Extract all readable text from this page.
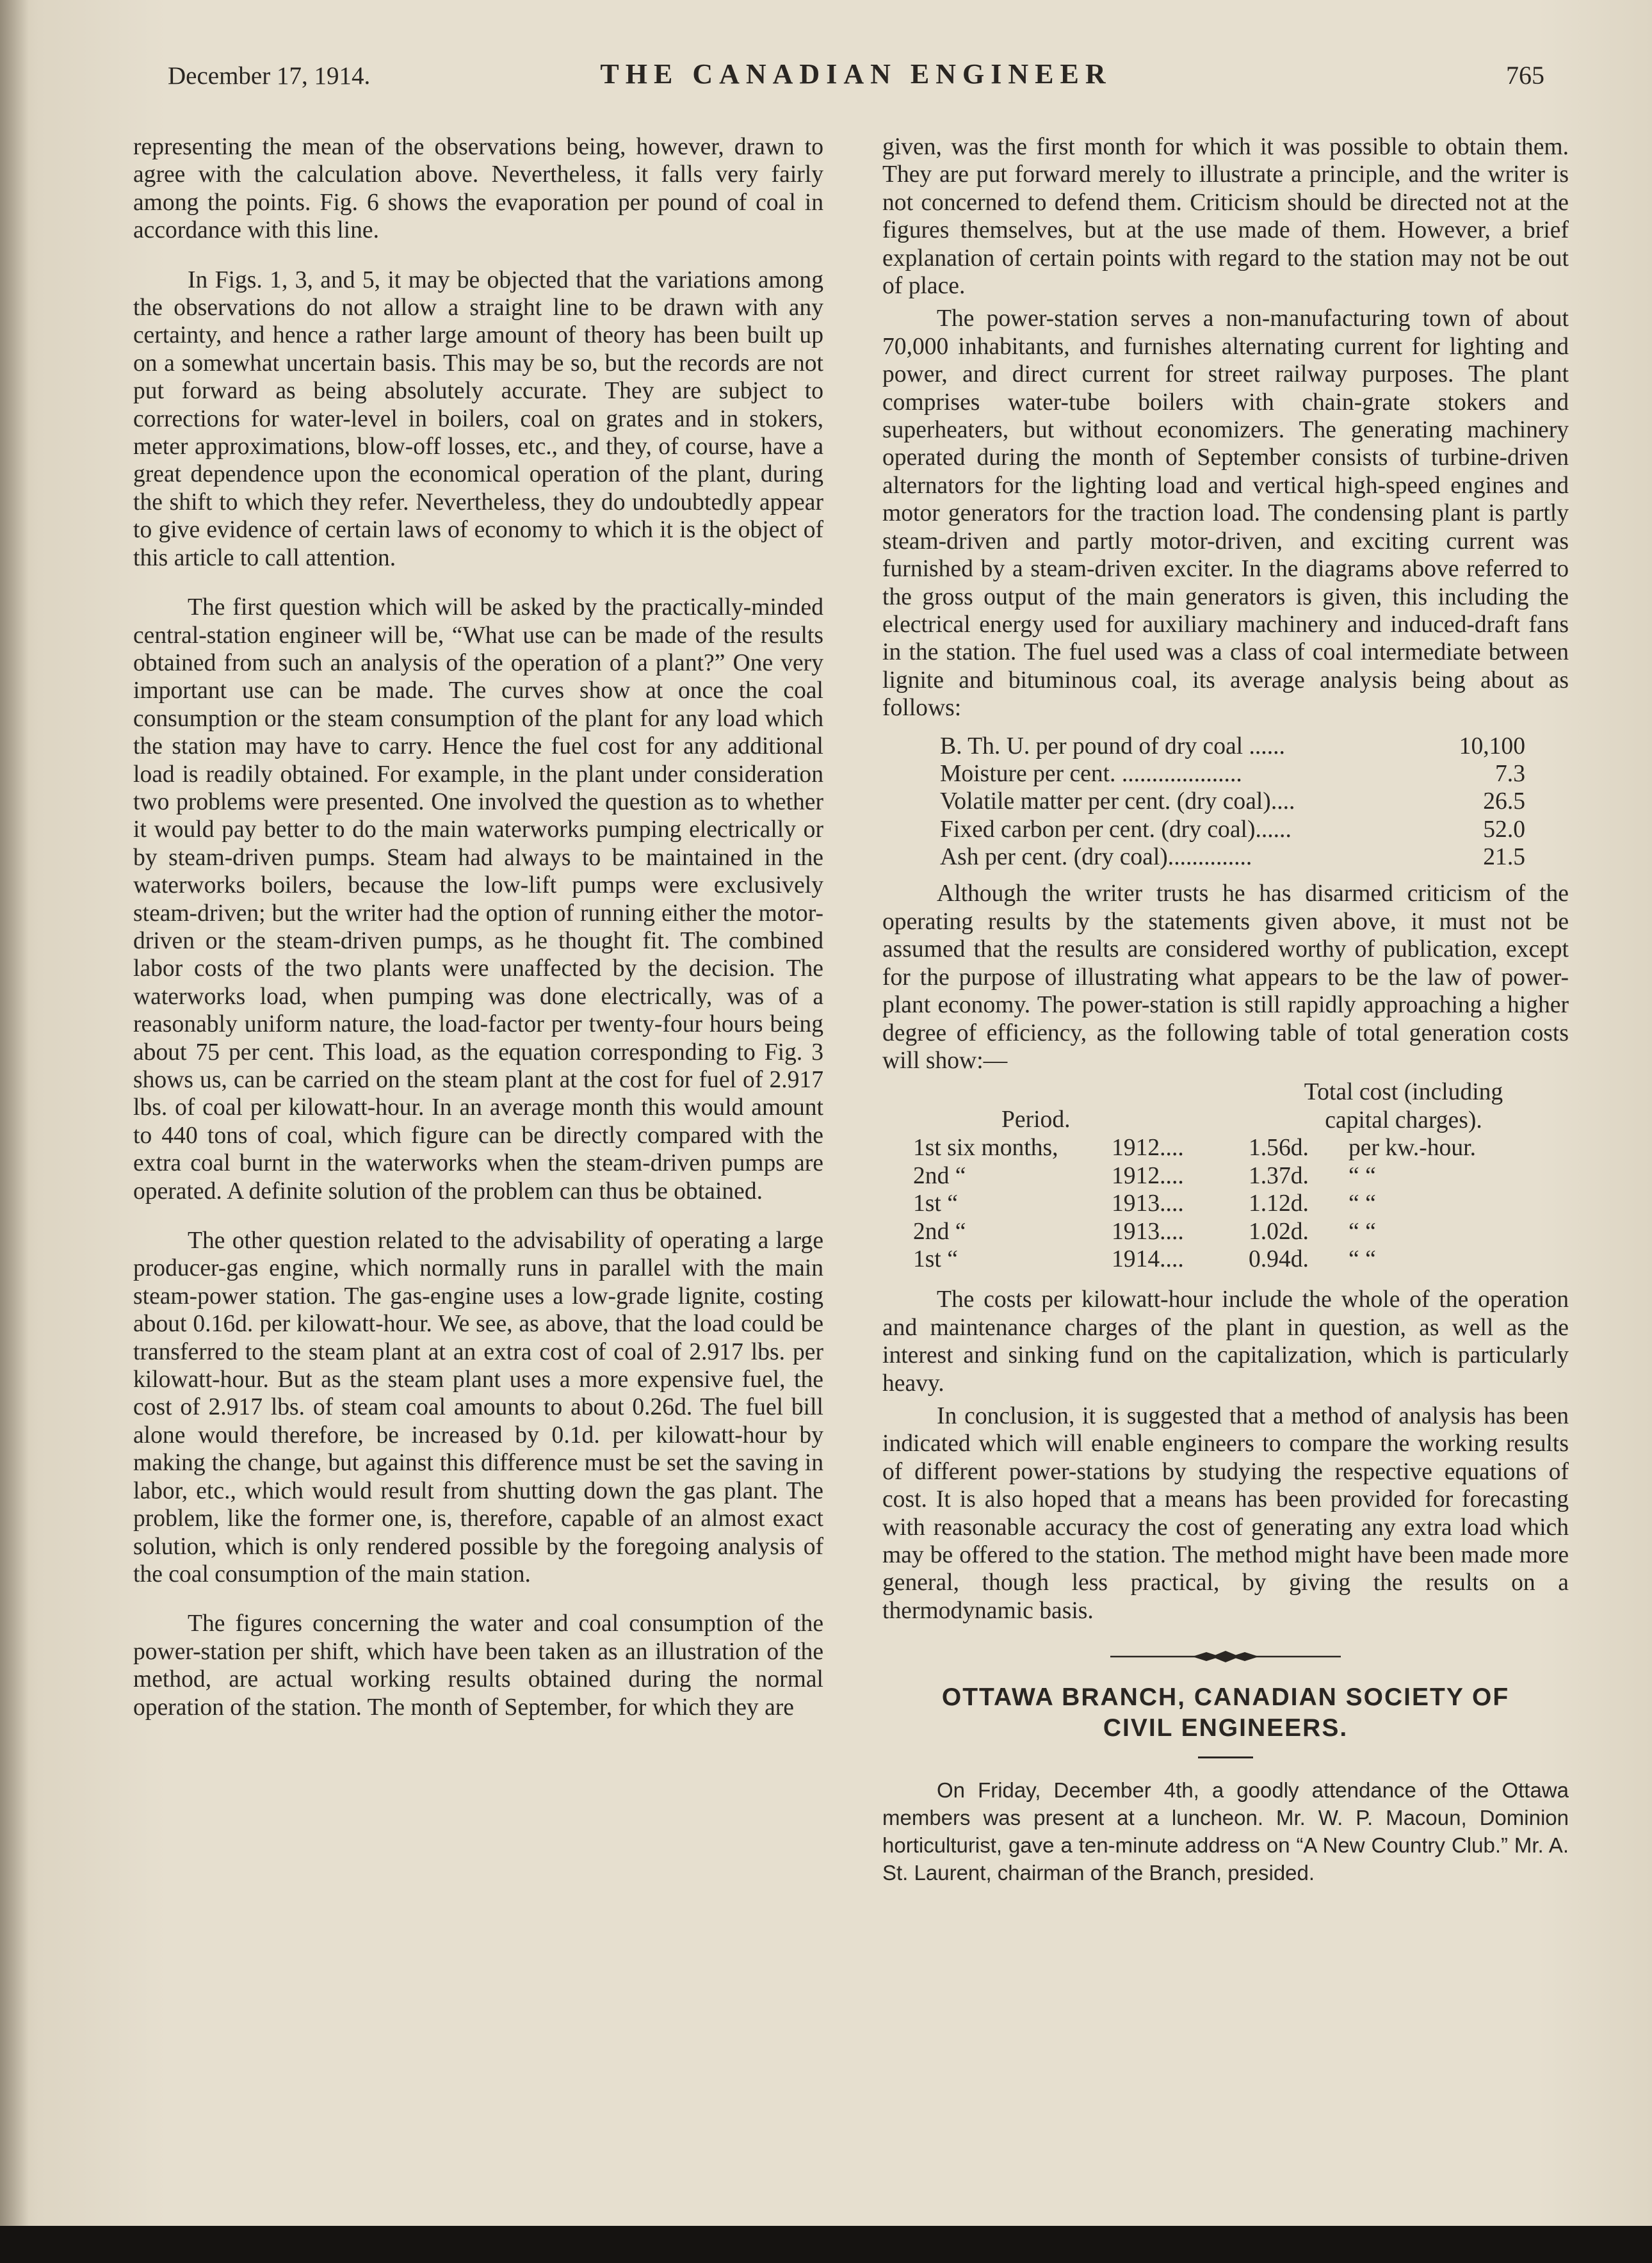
December 17, 1914.	THE CANADIAN ENGINEER	765

representing the mean of the observations being, however, drawn to agree with the calculation above. Nevertheless, it falls very fairly among the points. Fig. 6 shows the evaporation per pound of coal in accordance with this line.

In Figs. 1, 3, and 5, it may be objected that the variations among the observations do not allow a straight line to be drawn with any certainty, and hence a rather large amount of theory has been built up on a somewhat uncertain basis. This may be so, but the records are not put forward as being absolutely accurate. They are subject to corrections for water-level in boilers, coal on grates and in stokers, meter approximations, blow-off losses, etc., and they, of course, have a great dependence upon the economical operation of the plant, during the shift to which they refer. Nevertheless, they do undoubtedly appear to give evidence of certain laws of economy to which it is the object of this article to call attention.

The first question which will be asked by the practically-minded central-station engineer will be, “What use can be made of the results obtained from such an analysis of the operation of a plant?” One very important use can be made. The curves show at once the coal consumption or the steam consumption of the plant for any load which the station may have to carry. Hence the fuel cost for any additional load is readily obtained. For example, in the plant under consideration two problems were presented. One involved the question as to whether it would pay better to do the main waterworks pumping electrically or by steam-driven pumps. Steam had always to be maintained in the waterworks boilers, because the low-lift pumps were exclusively steam-driven; but the writer had the option of running either the motor-driven or the steam-driven pumps, as he thought fit. The combined labor costs of the two plants were unaffected by the decision. The waterworks load, when pumping was done electrically, was of a reasonably uniform nature, the load-factor per twenty-four hours being about 75 per cent. This load, as the equation corresponding to Fig. 3 shows us, can be carried on the steam plant at the cost for fuel of 2.917 lbs. of coal per kilowatt-hour. In an average month this would amount to 440 tons of coal, which figure can be directly compared with the extra coal burnt in the waterworks when the steam-driven pumps are operated. A definite solution of the problem can thus be obtained.

The other question related to the advisability of operating a large producer-gas engine, which normally runs in parallel with the main steam-power station. The gas-engine uses a low-grade lignite, costing about 0.16d. per kilowatt-hour. We see, as above, that the load could be transferred to the steam plant at an extra cost of coal of 2.917 lbs. per kilowatt-hour. But as the steam plant uses a more expensive fuel, the cost of 2.917 lbs. of steam coal amounts to about 0.26d. The fuel bill alone would therefore, be increased by 0.1d. per kilowatt-hour by making the change, but against this difference must be set the saving in labor, etc., which would result from shutting down the gas plant. The problem, like the former one, is, therefore, capable of an almost exact solution, which is only rendered possible by the foregoing analysis of the coal consumption of the main station.

The figures concerning the water and coal consumption of the power-station per shift, which have been taken as an illustration of the method, are actual working results obtained during the normal operation of the station. The month of September, for which they are

given, was the first month for which it was possible to obtain them. They are put forward merely to illustrate a principle, and the writer is not concerned to defend them. Criticism should be directed not at the figures themselves, but at the use made of them. However, a brief explanation of certain points with regard to the station may not be out of place.

The power-station serves a non-manufacturing town of about 70,000 inhabitants, and furnishes alternating current for lighting and power, and direct current for street railway purposes. The plant comprises water-tube boilers with chain-grate stokers and superheaters, but without economizers. The generating machinery operated during the month of September consists of turbine-driven alternators for the lighting load and vertical high-speed engines and motor generators for the traction load. The condensing plant is partly steam-driven and partly motor-driven, and exciting current was furnished by a steam-driven exciter. In the diagrams above referred to the gross output of the main generators is given, this including the electrical energy used for auxiliary machinery and induced-draft fans in the station. The fuel used was a class of coal intermediate between lignite and bituminous coal, its average analysis being about as follows:

B. Th. U. per pound of dry coal ......	10,100
Moisture per cent. ....................	7.3
Volatile matter per cent. (dry coal)....	26.5
Fixed carbon per cent. (dry coal)......	52.0
Ash per cent. (dry coal)..............	21.5

Although the writer trusts he has disarmed criticism of the operating results by the statements given above, it must not be assumed that the results are considered worthy of publication, except for the purpose of illustrating what appears to be the law of power-plant economy. The power-station is still rapidly approaching a higher degree of efficiency, as the following table of total generation costs will show:—

Period.
Total cost (including
capital charges).
1st six months, 1912....	1.56d. per kw.-hour.
2nd “	1912....	1.37d. “ “
1st “	1913....	1.12d. “ “
2nd “	1913....	1.02d. “ “
1st “	1914....	0.94d. “ “

The costs per kilowatt-hour include the whole of the operation and maintenance charges of the plant in question, as well as the interest and sinking fund on the capitalization, which is particularly heavy.

In conclusion, it is suggested that a method of analysis has been indicated which will enable engineers to compare the working results of different power-stations by studying the respective equations of cost. It is also hoped that a means has been provided for forecasting with reasonable accuracy the cost of generating any extra load which may be offered to the station. The method might have been made more general, though less practical, by giving the results on a thermodynamic basis.

OTTAWA BRANCH, CANADIAN SOCIETY OF
CIVIL ENGINEERS.

On Friday, December 4th, a goodly attendance of the Ottawa members was present at a luncheon. Mr. W. P. Macoun, Dominion horticulturist, gave a ten-minute address on “A New Country Club.” Mr. A. St. Laurent, chairman of the Branch, presided.
